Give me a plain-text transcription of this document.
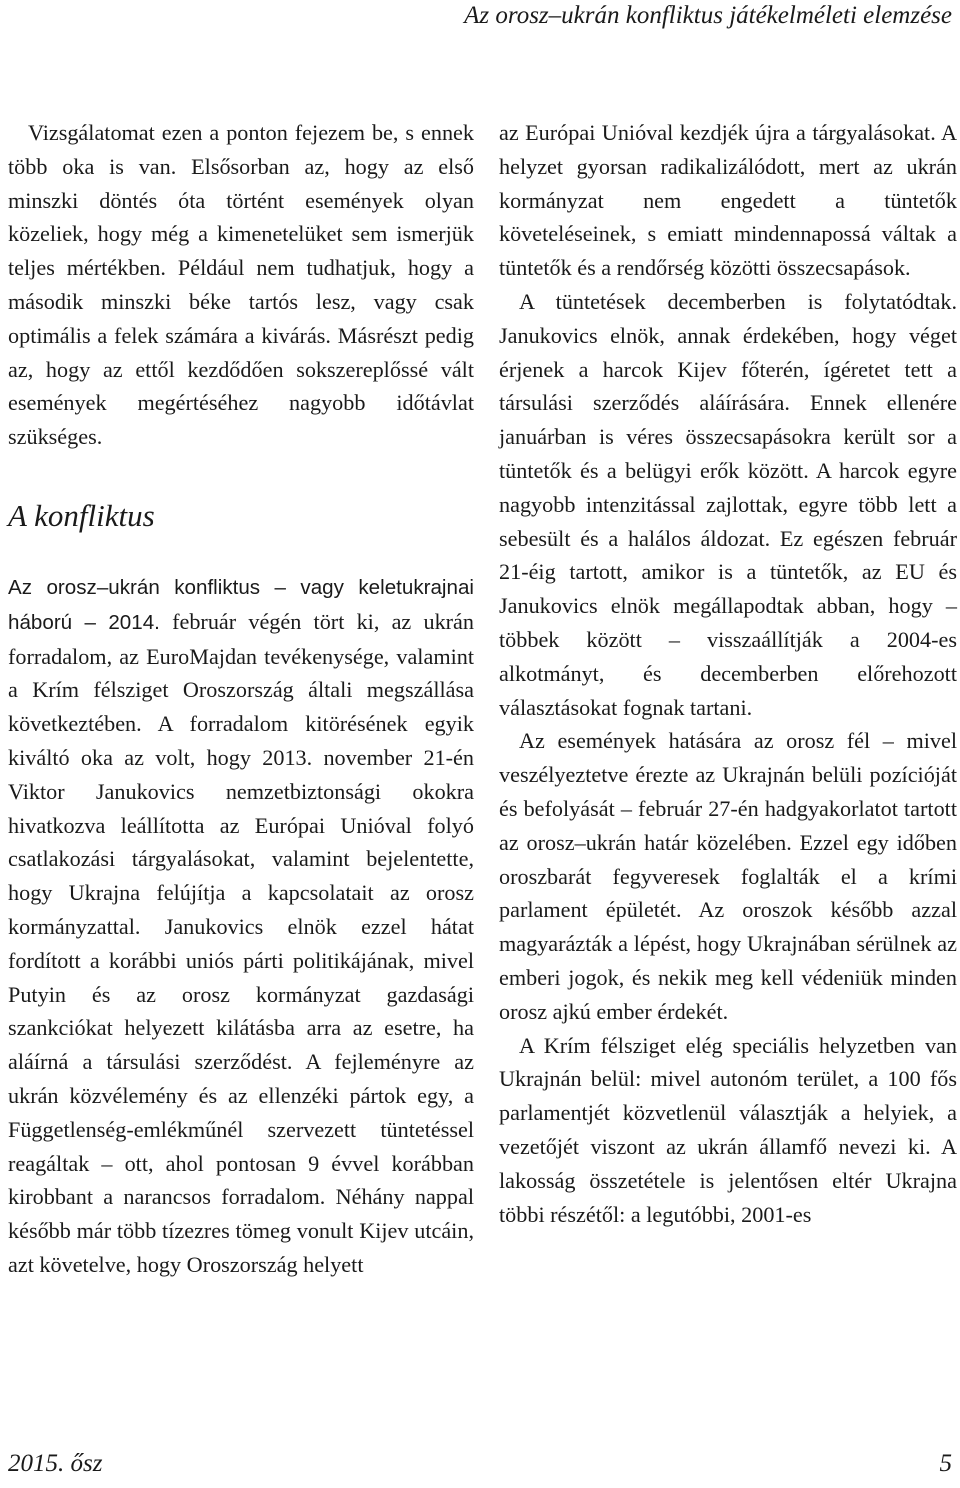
Az orosz–ukrán konfliktus játékelméleti elemzése

Vizsgálatomat ezen a ponton fejezem be, s ennek több oka is van. Elsősorban az, hogy az első minszki döntés óta történt események olyan közeliek, hogy még a kimenetelüket sem ismerjük teljes mértékben. Például nem tudhatjuk, hogy a második minszki béke tartós lesz, vagy csak optimális a felek számára a kivárás. Másrészt pedig az, hogy az ettől kezdődően sokszereplőssé vált események megértéséhez nagyobb időtávlat szükséges.

A konfliktus

Az orosz–ukrán konfliktus – vagy keletukrajnai háború – 2014. február végén tört ki, az ukrán forradalom, az EuroMajdan tevékenysége, valamint a Krím félsziget Oroszország általi megszállása következtében. A forradalom kitörésének egyik kiváltó oka az volt, hogy 2013. november 21-én Viktor Janukovics nemzetbiztonsági okokra hivatkozva leállította az Európai Unióval folyó csatlakozási tárgyalásokat, valamint bejelentette, hogy Ukrajna felújítja a kapcsolatait az orosz kormányzattal. Janukovics elnök ezzel hátat fordított a korábbi uniós párti politikájának, mivel Putyin és az orosz kormányzat gazdasági szankciókat helyezett kilátásba arra az esetre, ha aláírná a társulási szerződést. A fejleményre az ukrán közvélemény és az ellenzéki pártok egy, a Függetlenség-emlékműnél szervezett tüntetéssel reagáltak – ott, ahol pontosan 9 évvel korábban kirobbant a narancsos forradalom. Néhány nappal később már több tízezres tömeg vonult Kijev utcáin, azt követelve, hogy Oroszország helyett

az Európai Unióval kezdjék újra a tárgyalásokat. A helyzet gyorsan radikalizálódott, mert az ukrán kormányzat nem engedett a tüntetők követeléseinek, s emiatt mindennapossá váltak a tüntetők és a rendőrség közötti összecsapások.

A tüntetések decemberben is folytatódtak. Janukovics elnök, annak érdekében, hogy véget érjenek a harcok Kijev főterén, ígéretet tett a társulási szerződés aláírására. Ennek ellenére januárban is véres összecsapásokra került sor a tüntetők és a belügyi erők között. A harcok egyre nagyobb intenzitással zajlottak, egyre több lett a sebesült és a halálos áldozat. Ez egészen február 21-éig tartott, amikor is a tüntetők, az EU és Janukovics elnök megállapodtak abban, hogy – többek között – visszaállítják a 2004-es alkotmányt, és decemberben előrehozott választásokat fognak tartani.

Az események hatására az orosz fél – mivel veszélyeztetve érezte az Ukrajnán belüli pozícióját és befolyását – február 27-én hadgyakorlatot tartott az orosz–ukrán határ közelében. Ezzel egy időben oroszbarát fegyveresek foglalták el a krími parlament épületét. Az oroszok később azzal magyarázták a lépést, hogy Ukrajnában sérülnek az emberi jogok, és nekik meg kell védeniük minden orosz ajkú ember érdekét.

A Krím félsziget elég speciális helyzetben van Ukrajnán belül: mivel autonóm terület, a 100 fős parlamentjét közvetlenül választják a helyiek, a vezetőjét viszont az ukrán államfő nevezi ki. A lakosság összetétele is jelentősen eltér Ukrajna többi részétől: a legutóbbi, 2001-es

2015. ősz	5
